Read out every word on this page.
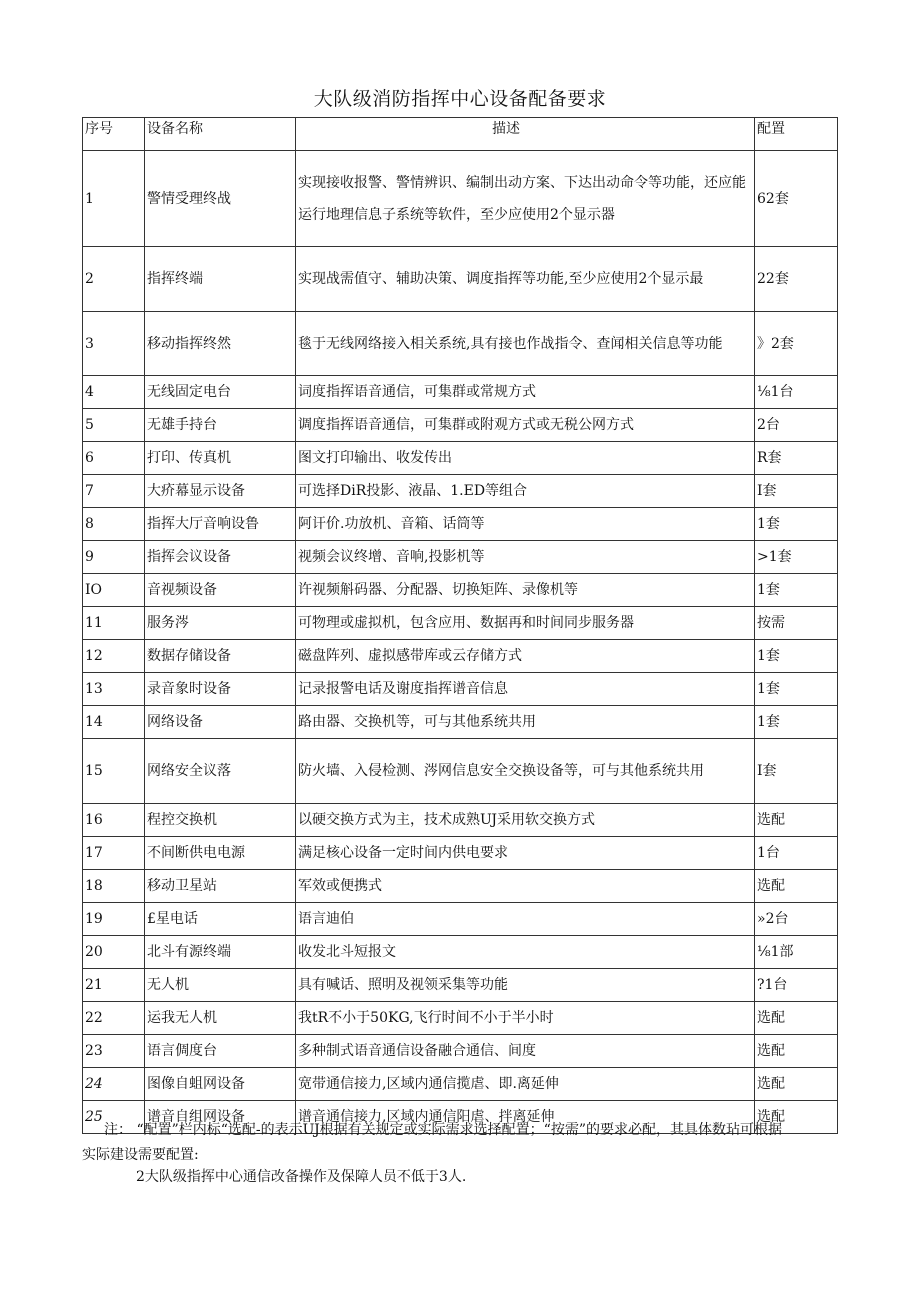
大队级消防指挥中心设备配备要求
序号	设备名称	描述	配置
1	警情受理终战	实现接收报警、警情辨识、编制出动方案、下达出动命令等功能，还应能运行地理信息子系统等软件，至少应使用2个显示器	62套
2	指挥终端	实现战需值守、辅助决策、调度指挥等功能,至少应使用2个显示最	22套
3	移动指挥终然	毯于无线网络接入相关系统,具有接也作战指令、查闻相关信息等功能	》2套
4	无线固定电台	词度指挥语音通信，可集群或常规方式	⅛1台
5	无雄手持台	调度指挥语音通信，可集群或附观方式或无税公网方式	2台
6	打印、传真机	图文打印输出、收发传出	R套
7	大疥幕显示设备	可选择DiR投影、液晶、1.ED等组合	I套
8	指挥大厅音响设鲁	阿讦价.功放机、音箱、话筒等	1套
9	指挥会议设备	视频会议终增、音响,投影机等	>1套
IO	音视频设备	许视频斛码器、分配器、切换矩阵、录像机等	1套
11	服务涔	可物理或虚拟机，包含应用、数据再和时间同步服务器	按需
12	数据存储设备	磁盘阵列、虚拟感带库或云存储方式	1套
13	录音象时设备	记录报警电话及谢度指挥谱音信息	1套
14	网络设备	路由器、交换机等，可与其他系统共用	1套
15	网络安全议落	防火墙、入侵检测、涔网信息安全交换设备等，可与其他系统共用	I套
16	程控交换机	以硬交换方式为主，技术成熟UJ采用软交换方式	选配
17	不间断供电电源	满足核心设备一定时间内供电要求	1台
18	移动卫星站	军效或便携式	选配
19	£星电话	语言迪伯	»2台
20	北斗有源终端	收发北斗短报文	⅛1部
21	无人机	具有喊话、照明及视领采集等功能	?1台
22	运我无人机	我tR不小于50KG,飞行时间不小于半小时	选配
23	语言倜度台	多种制式语音通信设备融合通信、间度	选配
24	图像自蛆网设备	宽带通信接力,区域内通信揽虐、即.离延伸	选配
25	谱音自组网设备	谱音通信接力,区域内通信阳虐、拌离延伸	选配

注： “配置”栏内标“选配-的表示UJ根据有关规定或实际需求选择配置；“按需”的要求必配，其具体数玷可根据实际建设需要配置:

2大队级指挥中心通信改备操作及保障人员不低于3人.
